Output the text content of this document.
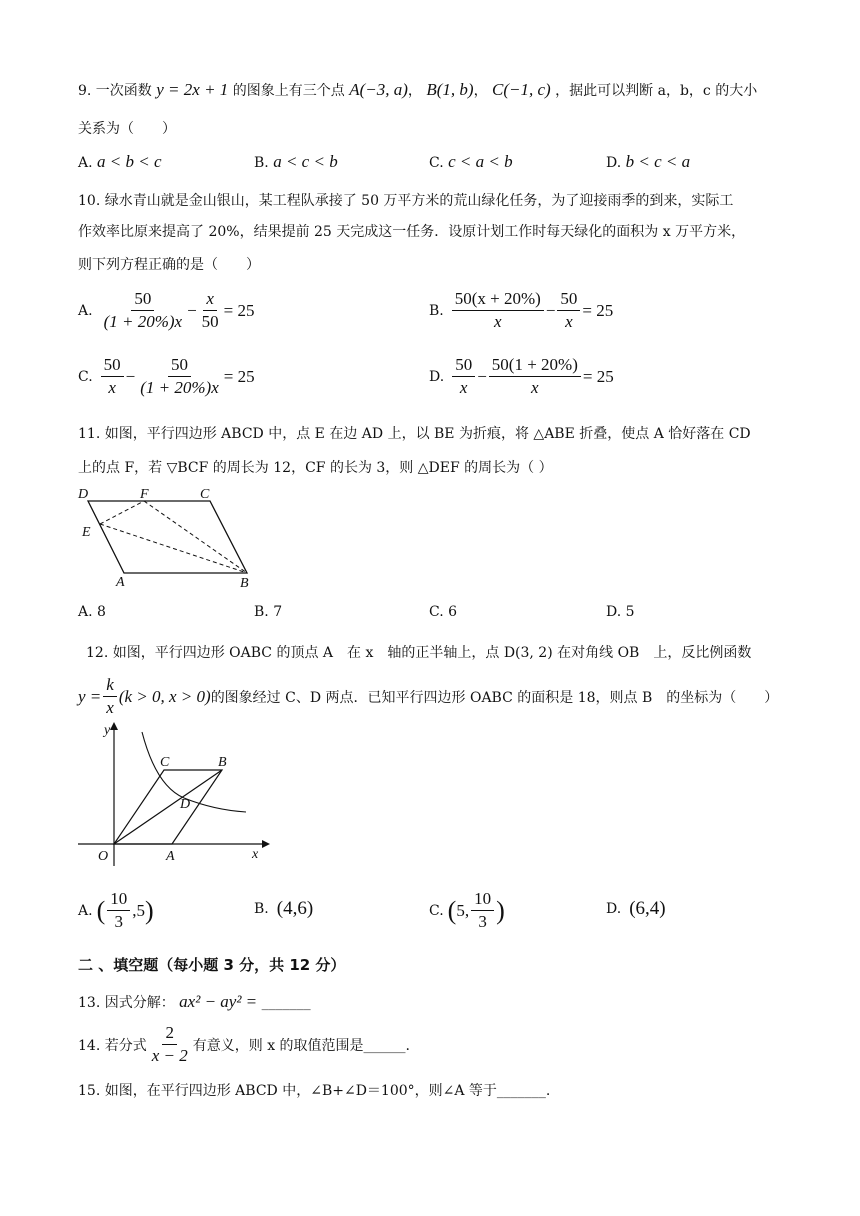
9. 一次函数 y = 2x + 1 的图象上有三个点 A(−3, a)， B(1, b)， C(−1, c) ，据此可以判断 a，b，c 的大小
关系为（　　）
A. a < b < c	B. a < c < b	C. c < a < b	D. b < c < a
10. 绿水青山就是金山银山，某工程队承接了 50 万平方米的荒山绿化任务，为了迎接雨季的到来，实际工
作效率比原来提高了 20%，结果提前 25 天完成这一任务．设原计划工作时每天绿化的面积为 x 万平方米，
则下列方程正确的是（　　）
A. $\frac{50}{(1 + 20\%)x} - \frac{x}{50} = 25$	B. $\frac{50(x + 20\%)}{x} - \frac{50}{x} = 25$
C. $\frac{50}{x} - \frac{50}{(1 + 20\%)x} = 25$	D. $\frac{50}{x} - \frac{50(1 + 20\%)}{x} = 25$
11. 如图，平行四边形 ABCD 中，点 E 在边 AD 上，以 BE 为折痕，将 △ABE 折叠，使点 A 恰好落在 CD
上的点 F，若 ▽BCF 的周长为 12，CF 的长为 3，则 △DEF 的周长为（ ）
D	F	C
E
A	B
A. 8	B. 7	C. 6	D. 5
12. 如图，平行四边形 OABC 的顶点 A　在 x　轴的正半轴上，点 D(3, 2) 在对角线 OB　上，反比例函数
$y = \frac{k}{x} (k > 0$, x > 0) 的图象经过 C、D 两点．已知平行四边形 OABC 的面积是 18，则点 B　的坐标为（　　）
y
x
O	A
B
C
D
A. ( $\frac{10}{3} ,5$ )	B. (4,6)	C. ( 5, $\frac{10}{3}$ )	D. (6,4)
二 、填空题（每小题 3 分，共 12 分）
13. 因式分解： ax² − ay² = _______
14. 若分式 $\frac{2}{x - 2}$ 有意义，则 x 的取值范围是______.
15. 如图，在平行四边形 ABCD 中，∠B+∠D＝100°，则∠A 等于_______.
